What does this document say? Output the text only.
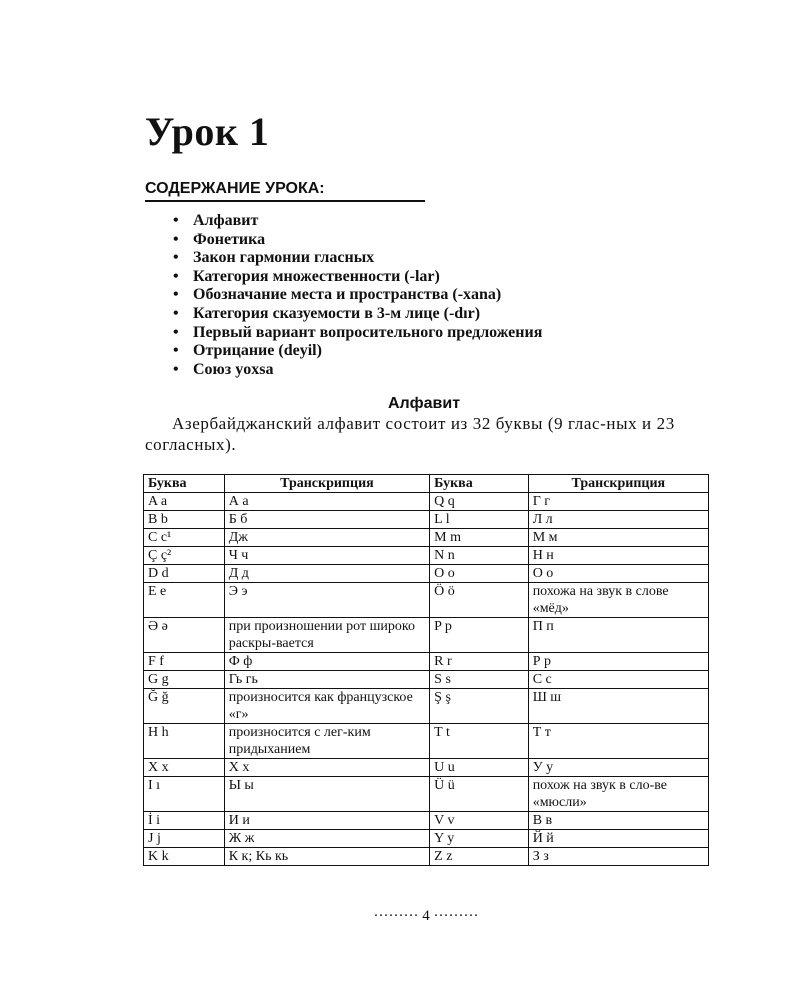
Урок 1
СОДЕРЖАНИЕ УРОКА:
• Алфавит
• Фонетика
• Закон гармонии гласных
• Категория множественности (-lar)
• Обозначание места и пространства (-xana)
• Категория сказуемости в 3-м лице (-dır)
• Первый вариант вопросительного предложения
• Отрицание (deyil)
• Союз yoxsa
Алфавит

Азербайджанский алфавит состоит из 32 буквы (9 глас-ных и 23 согласных).

Буква	Транскрипция	Буква	Транскрипция
A a	А а	Q q	Г г
B b	Б б	L l	Л л
C c¹	Дж	M m	М м
Ç ç²	Ч ч	N n	Н н
D d	Д д	O o	О о
E e	Э э	Ö ö	похожа на звук в слове «мёд»
Ə ə	при произношении рот широко раскры-вается	P p	П п
F f	Ф ф	R r	Р р
G g	Гь гь	S s	С с
Ğ ğ	произносится как французское «г»	Ş ş	Ш ш
H h	произносится с лег-ким придыханием	T t	Т т
X x	Х х	U u	У у
I ı	Ы ы	Ü ü	похож на звук в сло-ве «мюсли»
İ i	И и	V v	В в
J j	Ж ж	Y y	Й й
K k	К к; Кь кь	Z z	З з
········· 4 ·········
